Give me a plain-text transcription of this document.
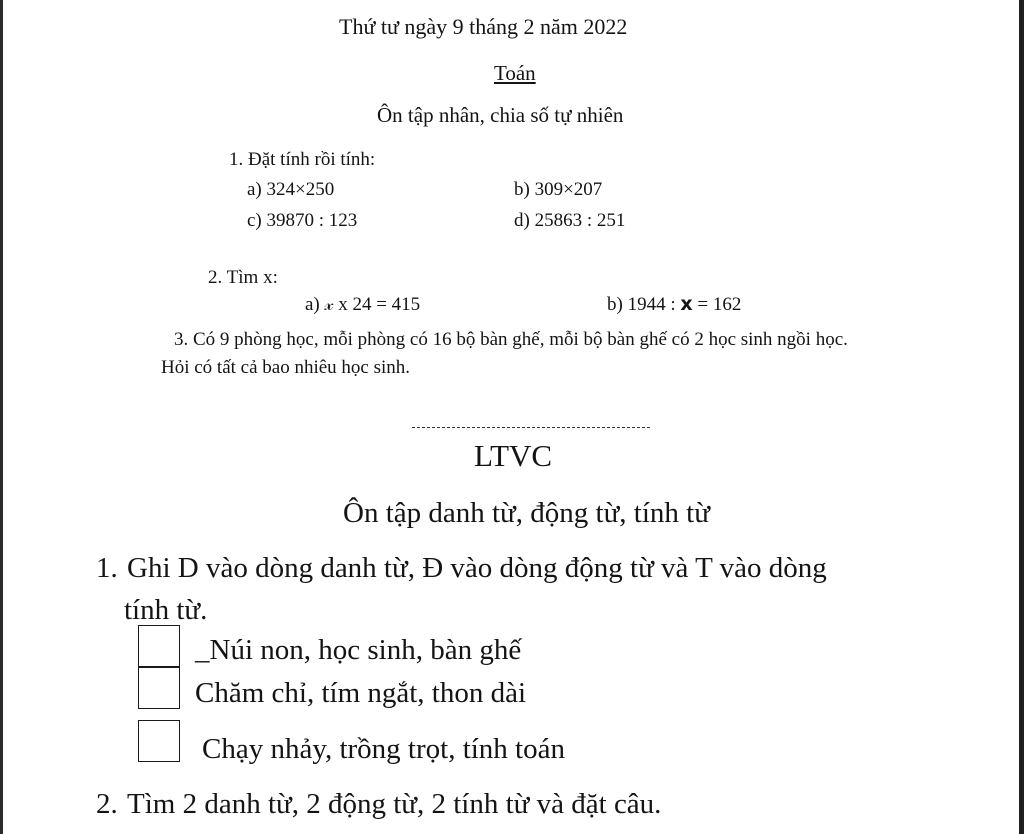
Thứ tư ngày 9 tháng 2 năm 2022
Toán
Ôn tập nhân, chia số tự nhiên
1. Đặt tính rồi tính:
a) 324×250	b) 309×207
c) 39870 : 123	d) 25863 : 251
2. Tìm x:
a) 𝓍 x 24 = 415	b) 1944 : 𝘅 = 162
3. Có 9 phòng học, mỗi phòng có 16 bộ bàn ghế, mỗi bộ bàn ghế có 2 học sinh ngồi học.
Hỏi có tất cả bao nhiêu học sinh.
LTVC
Ôn tập danh từ, động từ, tính từ
1. Ghi D vào dòng danh từ, Đ vào dòng động từ và T vào dòng
tính từ.
_Núi non, học sinh, bàn ghế
Chăm chỉ, tím ngắt, thon dài
Chạy nhảy, trồng trọt, tính toán
2. Tìm 2 danh từ, 2 động từ, 2 tính từ và đặt câu.
